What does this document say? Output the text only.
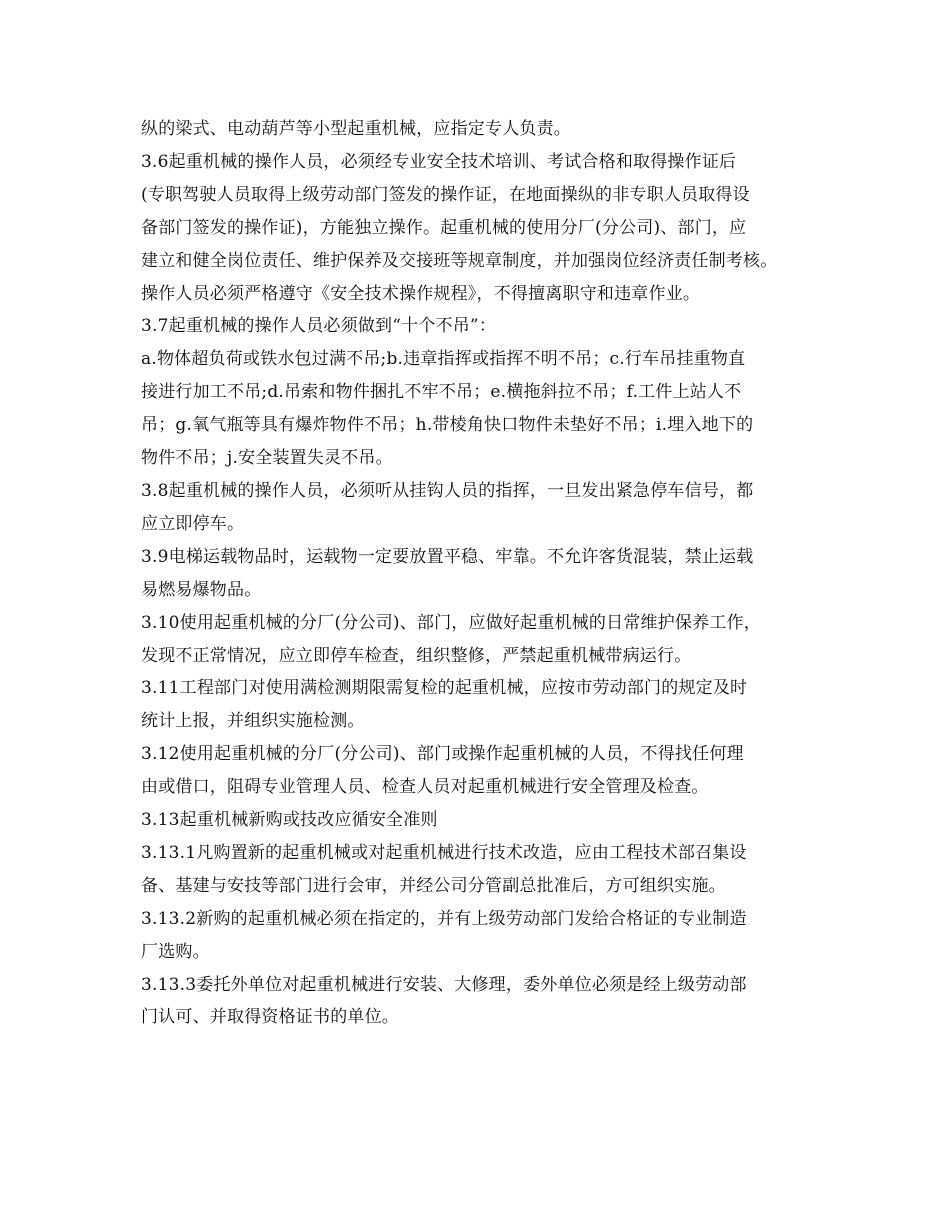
纵的梁式、电动葫芦等小型起重机械，应指定专人负责。
3.6起重机械的操作人员，必须经专业安全技术培训、考试合格和取得操作证后
(专职驾驶人员取得上级劳动部门签发的操作证，在地面操纵的非专职人员取得设
备部门签发的操作证)，方能独立操作。起重机械的使用分厂(分公司)、部门，应
建立和健全岗位责任、维护保养及交接班等规章制度，并加强岗位经济责任制考核。
操作人员必须严格遵守《安全技术操作规程》，不得擅离职守和违章作业。
3.7起重机械的操作人员必须做到“十个不吊”：
a.物体超负荷或铁水包过满不吊;b.违章指挥或指挥不明不吊；c.行车吊挂重物直
接进行加工不吊;d.吊索和物件捆扎不牢不吊；e.横拖斜拉不吊；f.工件上站人不
吊；g.氧气瓶等具有爆炸物件不吊；h.带棱角快口物件未垫好不吊；i.埋入地下的
物件不吊；j.安全装置失灵不吊。
3.8起重机械的操作人员，必须听从挂钩人员的指挥，一旦发出紧急停车信号，都
应立即停车。
3.9电梯运载物品时，运载物一定要放置平稳、牢靠。不允许客货混装，禁止运载
易燃易爆物品。
3.10使用起重机械的分厂(分公司)、部门，应做好起重机械的日常维护保养工作，
发现不正常情况，应立即停车检查，组织整修，严禁起重机械带病运行。
3.11工程部门对使用满检测期限需复检的起重机械，应按市劳动部门的规定及时
统计上报，并组织实施检测。
3.12使用起重机械的分厂(分公司)、部门或操作起重机械的人员，不得找任何理
由或借口，阻碍专业管理人员、检查人员对起重机械进行安全管理及检查。
3.13起重机械新购或技改应循安全准则
3.13.1凡购置新的起重机械或对起重机械进行技术改造，应由工程技术部召集设
备、基建与安技等部门进行会审，并经公司分管副总批准后，方可组织实施。
3.13.2新购的起重机械必须在指定的，并有上级劳动部门发给合格证的专业制造
厂选购。
3.13.3委托外单位对起重机械进行安装、大修理，委外单位必须是经上级劳动部
门认可、并取得资格证书的单位。
